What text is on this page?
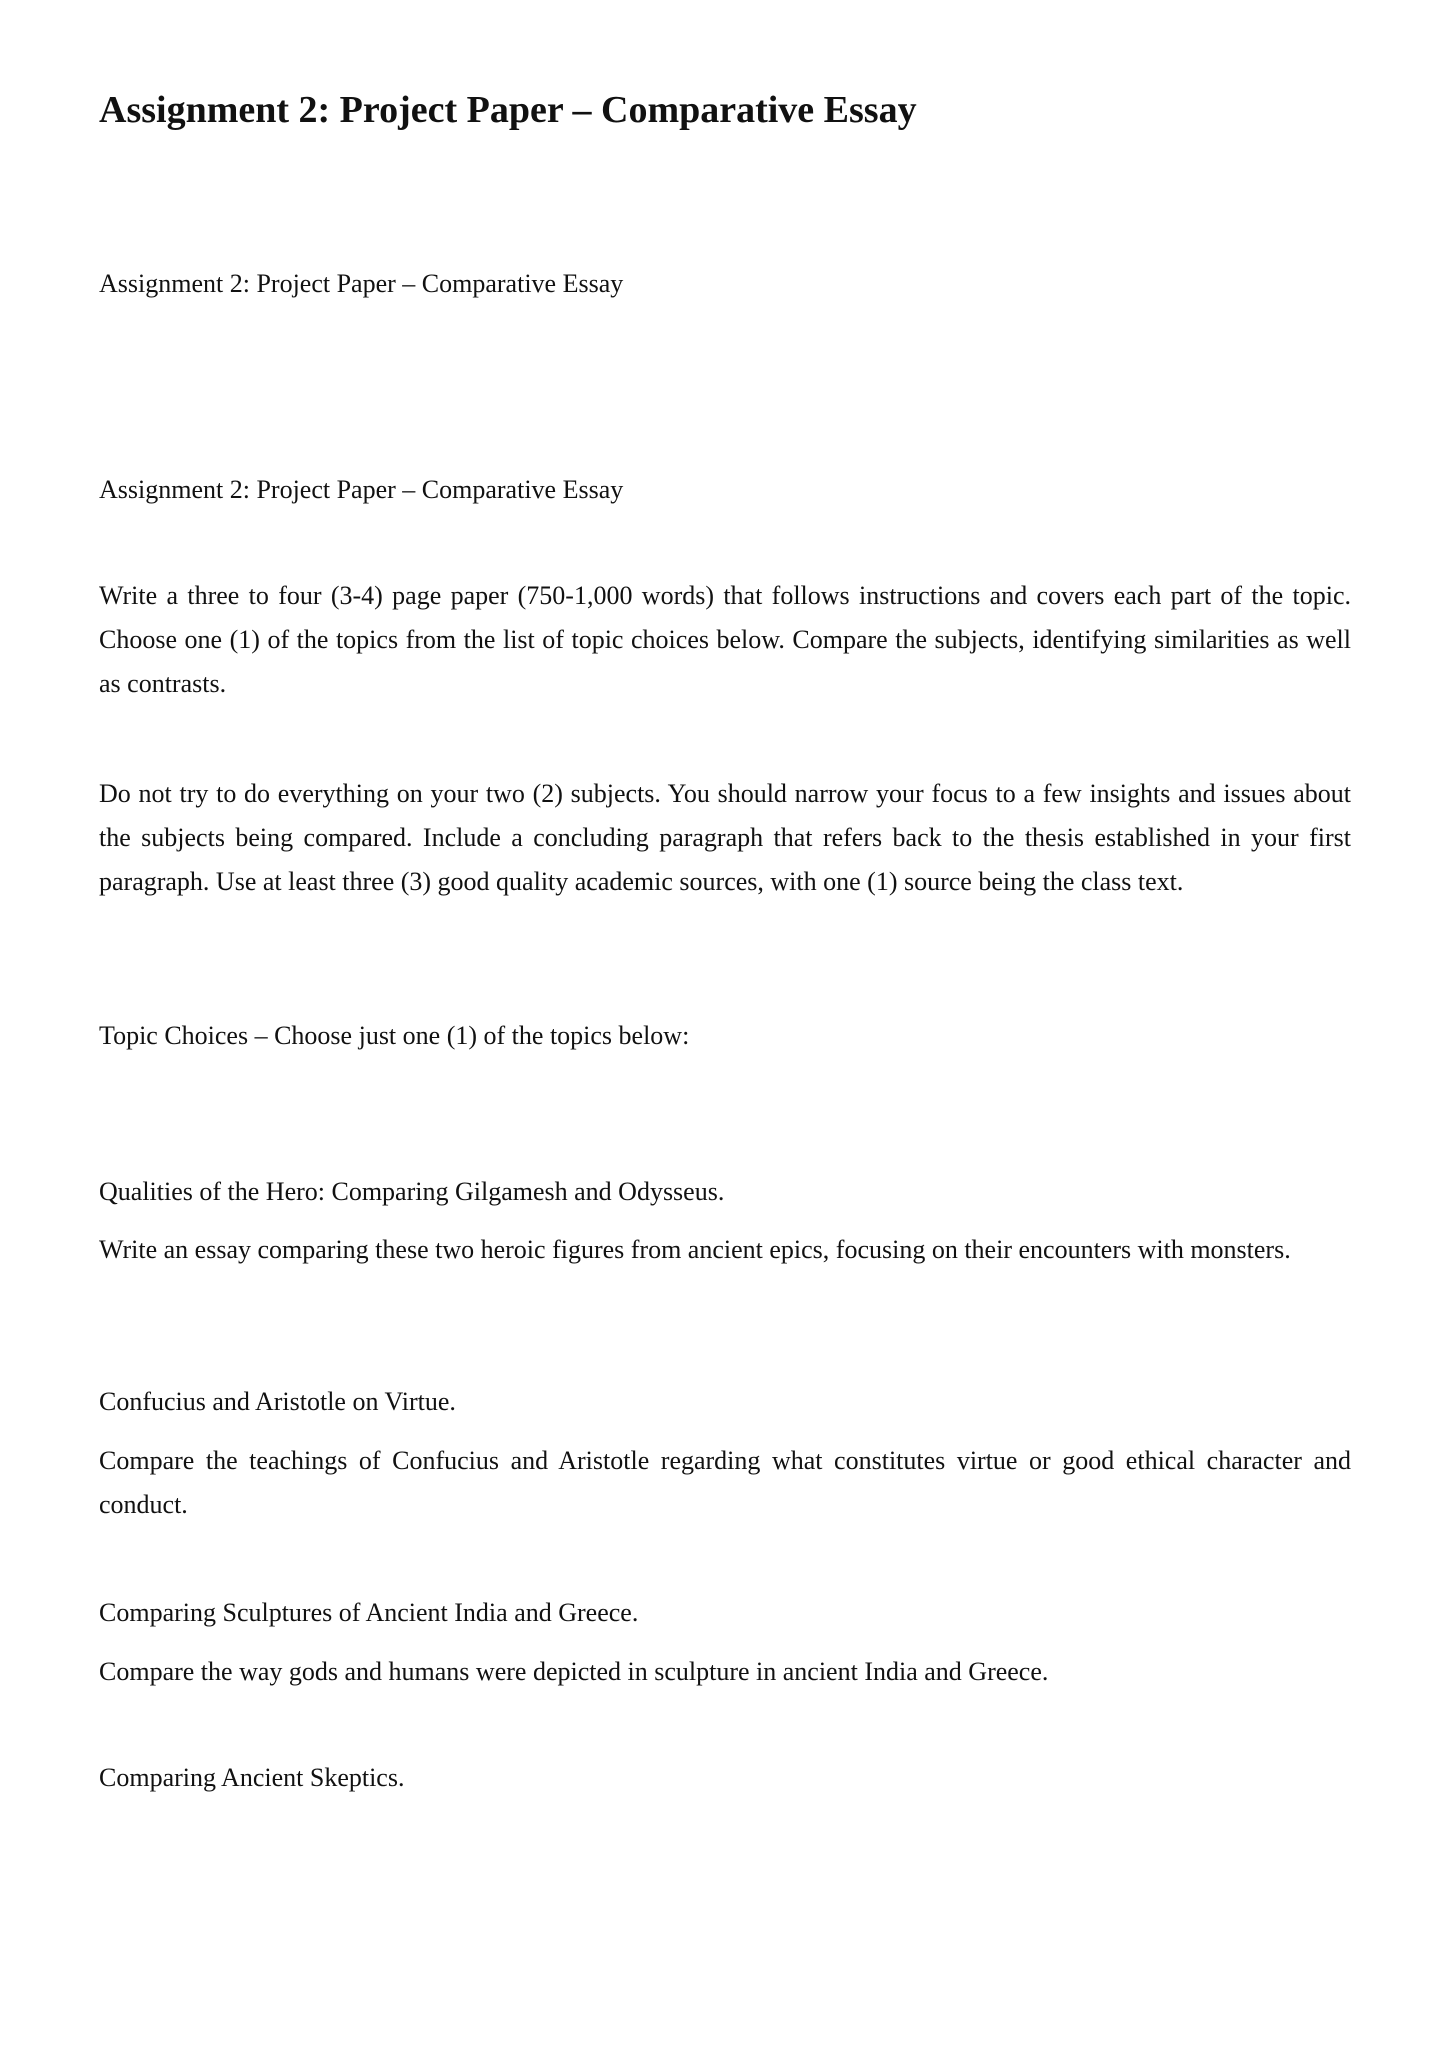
Assignment 2: Project Paper – Comparative Essay

Assignment 2: Project Paper – Comparative Essay

Assignment 2: Project Paper – Comparative Essay

Write a three to four (3-4) page paper (750-1,000 words) that follows instructions and covers each part of the topic. Choose one (1) of the topics from the list of topic choices below. Compare the subjects, identifying similarities as well as contrasts.

Do not try to do everything on your two (2) subjects. You should narrow your focus to a few insights and issues about the subjects being compared. Include a concluding paragraph that refers back to the thesis established in your first paragraph. Use at least three (3) good quality academic sources, with one (1) source being the class text.

Topic Choices – Choose just one (1) of the topics below:

Qualities of the Hero: Comparing Gilgamesh and Odysseus.

Write an essay comparing these two heroic figures from ancient epics, focusing on their encounters with monsters.

Confucius and Aristotle on Virtue.

Compare the teachings of Confucius and Aristotle regarding what constitutes virtue or good ethical character and conduct.

Comparing Sculptures of Ancient India and Greece.

Compare the way gods and humans were depicted in sculpture in ancient India and Greece.

Comparing Ancient Skeptics.
